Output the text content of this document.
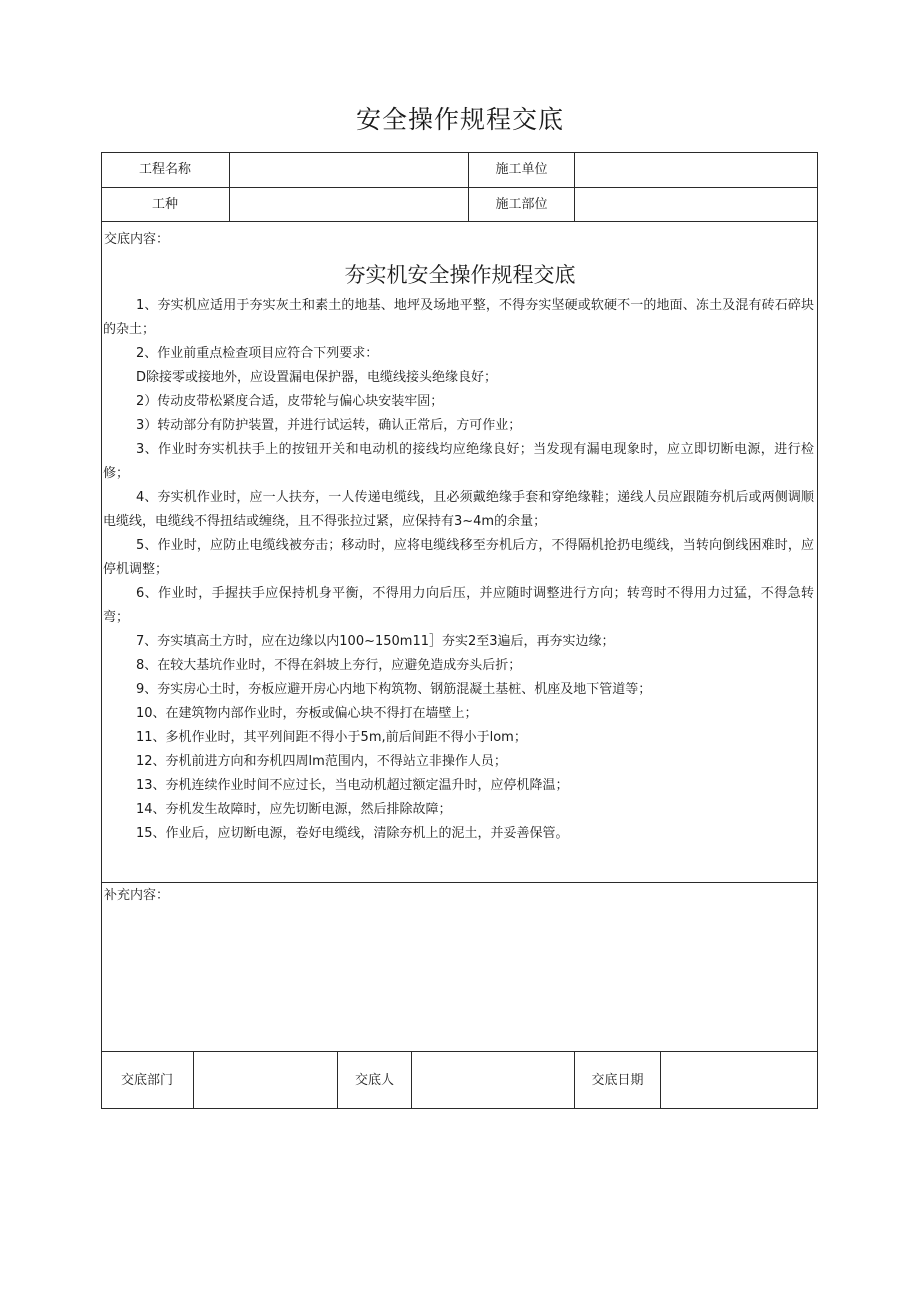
安全操作规程交底
工程名称	施工单位
工种	施工部位
交底内容：
夯实机安全操作规程交底
1、夯实机应适用于夯实灰土和素土的地基、地坪及场地平整，不得夯实坚硬或软硬不一的地面、冻土及混有砖石碎块的杂土；
2、作业前重点检查项目应符合下列要求：
D除接零或接地外，应设置漏电保护器，电缆线接头绝缘良好；
2）传动皮带松紧度合适，皮带轮与偏心块安装牢固；
3）转动部分有防护装置，并进行试运转，确认正常后，方可作业；
3、作业时夯实机扶手上的按钮开关和电动机的接线均应绝缘良好；当发现有漏电现象时，应立即切断电源，进行检修；
4、夯实机作业时，应一人扶夯，一人传递电缆线，且必须戴绝缘手套和穿绝缘鞋；递线人员应跟随夯机后或两侧调顺电缆线，电缆线不得扭结或缠绕，且不得张拉过紧，应保持有3~4m的余量；
5、作业时，应防止电缆线被夯击；移动时，应将电缆线移至夯机后方，不得隔机抢扔电缆线，当转向倒线困难时，应停机调整；
6、作业时，手握扶手应保持机身平衡，不得用力向后压，并应随时调整进行方向；转弯时不得用力过猛，不得急转弯；
7、夯实填高土方时，应在边缘以内100~150m11］夯实2至3遍后，再夯实边缘；
8、在较大基坑作业时，不得在斜坡上夯行，应避免造成夯头后折；
9、夯实房心土时，夯板应避开房心内地下构筑物、钢筋混凝土基桩、机座及地下管道等；
10、在建筑物内部作业时，夯板或偏心块不得打在墙壁上；
11、多机作业时，其平列间距不得小于5m,前后间距不得小于lom；
12、夯机前进方向和夯机四周lm范围内，不得站立非操作人员；
13、夯机连续作业时间不应过长，当电动机超过额定温升时，应停机降温；
14、夯机发生故障时，应先切断电源，然后排除故障；
15、作业后，应切断电源，卷好电缆线，清除夯机上的泥土，并妥善保管。
补充内容：
交底部门	交底人	交底日期
